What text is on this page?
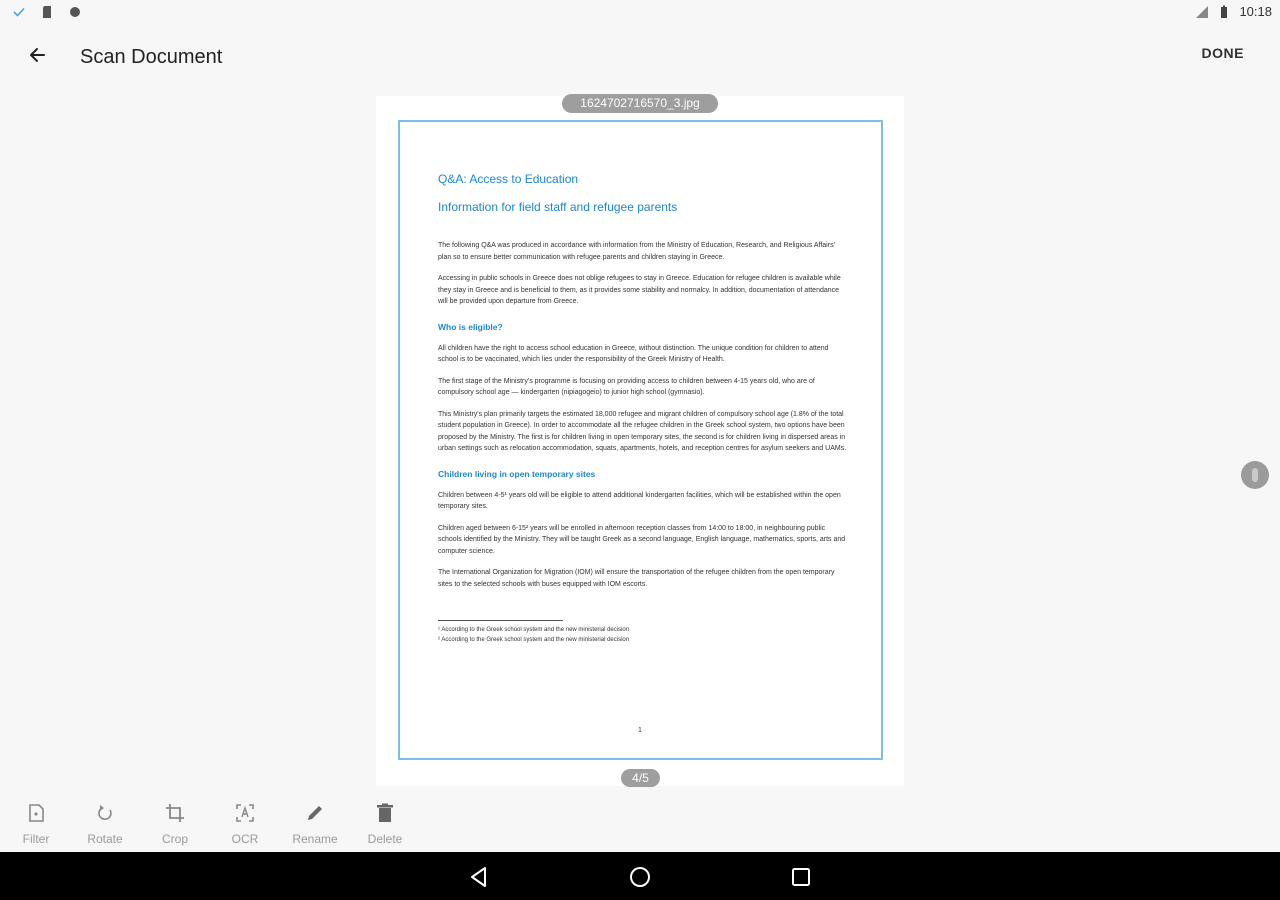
10:18
Scan Document	DONE
1624702716570_3.jpg
Q&A: Access to Education
Information for field staff and refugee parents

The following Q&A was produced in accordance with information from the Ministry of Education, Research, and Religious Affairs' plan so to ensure better communication with refugee parents and children staying in Greece.

Accessing in public schools in Greece does not oblige refugees to stay in Greece. Education for refugee children is available while they stay in Greece and is beneficial to them, as it provides some stability and normalcy. In addition, documentation of attendance will be provided upon departure from Greece.

Who is eligible?

All children have the right to access school education in Greece, without distinction. The unique condition for children to attend school is to be vaccinated, which lies under the responsibility of the Greek Ministry of Health.

The first stage of the Ministry's programme is focusing on providing access to children between 4-15 years old, who are of compulsory school age — kindergarten (nipiagogeio) to junior high school (gymnasio).

This Ministry's plan primarily targets the estimated 18,000 refugee and migrant children of compulsory school age (1.8% of the total student population in Greece). In order to accommodate all the refugee children in the Greek school system, two options have been proposed by the Ministry. The first is for children living in open temporary sites, the second is for children living in dispersed areas in urban settings such as relocation accommodation, squats, apartments, hotels, and reception centres for asylum seekers and UAMs.

Children living in open temporary sites

Children between 4-5¹ years old will be eligible to attend additional kindergarten facilities, which will be established within the open temporary sites.

Children aged between 6-15² years will be enrolled in afternoon reception classes from 14:00 to 18:00, in neighbouring public schools identified by the Ministry. They will be taught Greek as a second language, English language, mathematics, sports, arts and computer science.

The International Organization for Migration (IOM) will ensure the transportation of the refugee children from the open temporary sites to the selected schools with buses equipped with IOM escorts.

¹ According to the Greek school system and the new ministerial decision
² According to the Greek school system and the new ministerial decision
1
4/5
Filter	Rotate	Crop	OCR	Rename	Delete
